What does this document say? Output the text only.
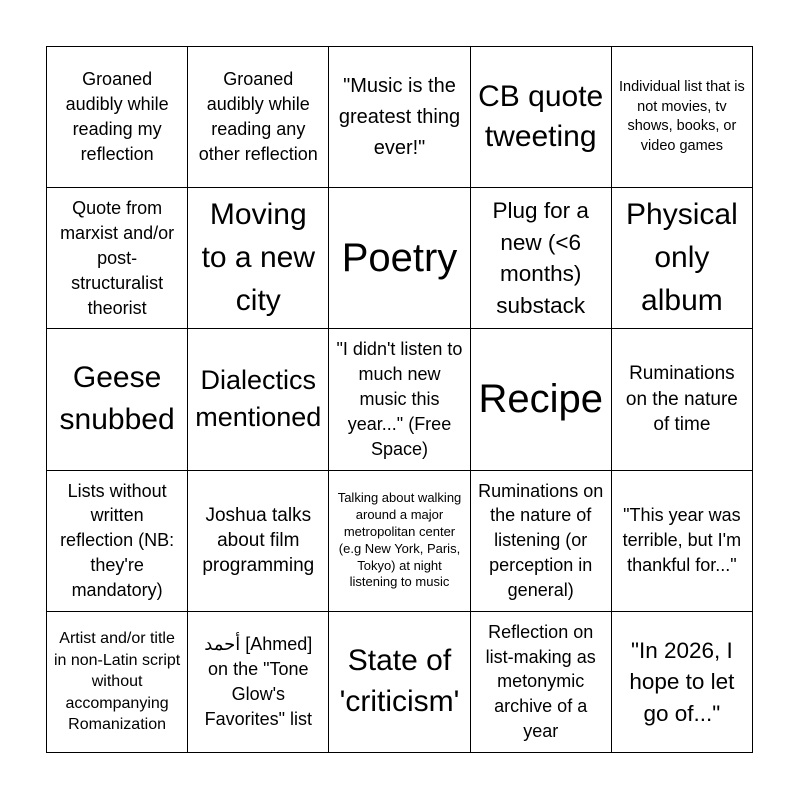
Groaned audibly while reading my reflection
Groaned audibly while reading any other reflection
"Music is the greatest thing ever!"
CB quote tweeting
Individual list that is not movies, tv shows, books, or video games
Quote from marxist and/or post-structuralist theorist
Moving to a new city
Poetry
Plug for a new (<6 months) substack
Physical only album
Geese snubbed
Dialectics mentioned
"I didn't listen to much new music this year..." (Free Space)
Recipe
Ruminations on the nature of time
Lists without written reflection (NB: they're mandatory)
Joshua talks about film programming
Talking about walking around a major metropolitan center (e.g New York, Paris, Tokyo) at night listening to music
Ruminations on the nature of listening (or perception in general)
"This year was terrible, but I'm thankful for..."
Artist and/or title in non-Latin script without accompanying Romanization
أحمد [Ahmed] on the "Tone Glow's Favorites" list
State of 'criticism'
Reflection on list-making as metonymic archive of a year
"In 2026, I hope to let go of..."
